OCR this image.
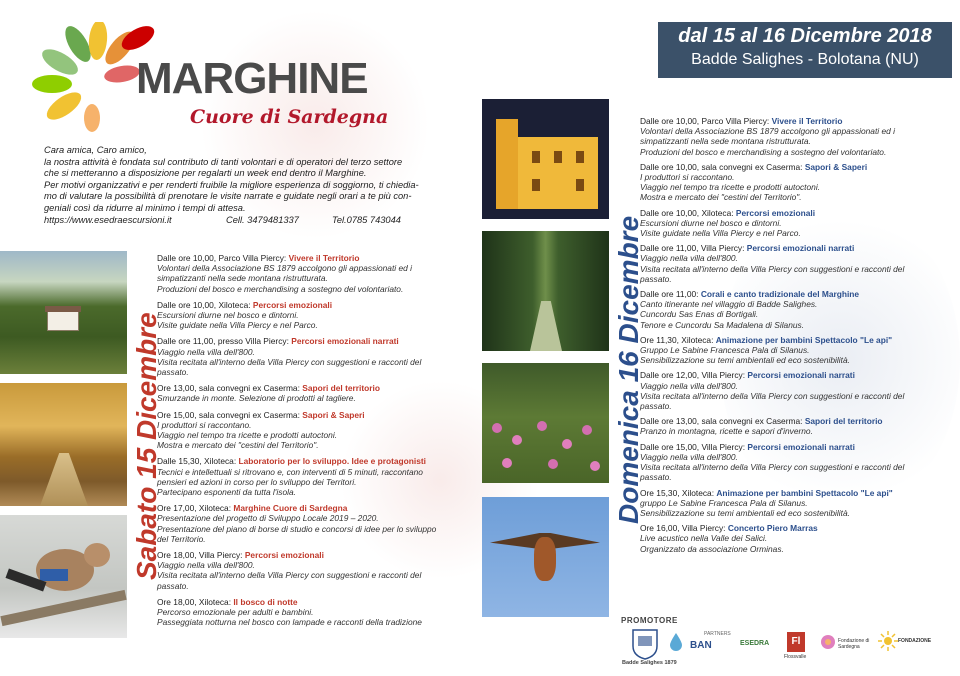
MARGHINE
Cuore di Sardegna
dal 15 al 16 Dicembre 2018
Badde Salighes - Bolotana (NU)

Cara amica, Caro amico,

la nostra attività è fondata sul contributo di tanti volontari e di operatori del terzo settore

che si metteranno a disposizione per regalarti un week end dentro il Marghine.

Per motivi organizzativi e per renderti fruibile la migliore esperienza di soggiorno, ti chiedia-

mo di valutare la possibilità di prenotare le visite narrate e guidate negli orari a te più con-

geniali così da ridurre al minimo i tempi di attesa.

https://www.esedraescursioni.it	Cell. 3479481337	Tel.0785 743044
Sabato 15 Dicembre	Domenica 16 Dicembre
Dalle ore 10,00, Parco Villa Piercy: Vivere il Territorio
Volontari della Associazione BS 1879 accolgono gli appassionati ed i
simpatizzanti nella sede montana ristrutturata.
Produzioni del bosco e merchandising a sostegno del volontariato.
Dalle ore 10,00, Xiloteca: Percorsi emozionali
Escursioni diurne nel bosco e dintorni.
Visite guidate nella Villa Piercy e nel Parco.
Dalle ore 11,00, presso Villa Piercy: Percorsi emozionali narrati
Viaggio nella villa dell'800.
Visita recitata all'interno della Villa Piercy con suggestioni e racconti del
passato.
Ore 13,00, sala convegni ex Caserma: Sapori del territorio
Smurzande in monte. Selezione di prodotti al tagliere.
Ore 15,00, sala convegni ex Caserma: Sapori & Saperi
I produttori si raccontano.
Viaggio nel tempo tra ricette e prodotti autoctoni.
Mostra e mercato dei "cestini del Territorio".
Dalle 15,30, Xiloteca: Laboratorio per lo sviluppo. Idee e protagonisti
Tecnici e intellettuali si ritrovano e, con interventi di 5 minuti, raccontano
pensieri ed azioni in corso per lo sviluppo dei Territori.
Partecipano esponenti da tutta l'isola.
Ore 17,00, Xiloteca: Marghine Cuore di Sardegna
Presentazione del progetto di Sviluppo Locale 2019 – 2020.
Presentazione del piano di borse di studio e concorsi di idee per lo sviluppo
del Territorio.
Ore 18,00, Villa Piercy: Percorsi emozionali
Viaggio nella villa dell'800.
Visita recitata all'interno della Villa Piercy con suggestioni e racconti del
passato.
Ore 18,00, Xiloteca: Il bosco di notte
Percorso emozionale per adulti e bambini.
Passeggiata notturna nel bosco con lampade e racconti della tradizione
Dalle ore 10,00, Parco Villa Piercy: Vivere il Territorio
Volontari della Associazione BS 1879 accolgono gli appassionati ed i
simpatizzanti nella sede montana ristrutturata.
Produzioni del bosco e merchandising a sostegno del volontariato.
Dalle ore 10,00, sala convegni ex Caserma: Sapori & Saperi
I produttori si raccontano.
Viaggio nel tempo tra ricette e prodotti autoctoni.
Mostra e mercato dei "cestini del Territorio".
Dalle ore 10,00, Xiloteca: Percorsi emozionali
Escursioni diurne nel bosco e dintorni.
Visite guidate nella Villa Piercy e nel Parco.
Dalle ore 11,00, Villa Piercy: Percorsi emozionali narrati
Viaggio nella villa dell'800.
Visita recitata all'interno della Villa Piercy con suggestioni e racconti del
passato.
Dalle ore 11,00: Corali e canto tradizionale del Marghine
Canto itinerante nel villaggio di Badde Salighes.
Cuncordu Sas Enas di Bortigali.
Tenore e Cuncordu Sa Madalena di Silanus.
Ore 11,30, Xiloteca: Animazione per bambini Spettacolo "Le api"
Gruppo Le Sabine Francesca Pala di Silanus.
Sensibilizzazione su temi ambientali ed eco sostenibilità.
Dalle ore 12,00, Villa Piercy: Percorsi emozionali narrati
Viaggio nella villa dell'800.
Visita recitata all'interno della Villa Piercy con suggestioni e racconti del
passato.
Dalle ore 13,00, sala convegni ex Caserma: Sapori del territorio
Pranzo in montagna, ricette e sapori d'inverno.
Dalle ore 15,00, Villa Piercy: Percorsi emozionali narrati
Viaggio nella villa dell'800.
Visita recitata all'interno della Villa Piercy con suggestioni e racconti del
passato.
Ore 15,30, Xiloteca: Animazione per bambini Spettacolo "Le api"
gruppo Le Sabine Francesca Pala di Silanus.
Sensibilizzazione su temi ambientali ed eco sostenibilità.
Ore 16,00, Villa Piercy: Concerto Piero Marras
Live acustico nella Valle dei Salici.
Organizzato da associazione Orminas.
PROMOTORE
PARTNERS
Badde Salighes 1879
BAN	ESEDRA	Fl
Flossvalle
Fondazione di Sardegna
FONDAZIONE
